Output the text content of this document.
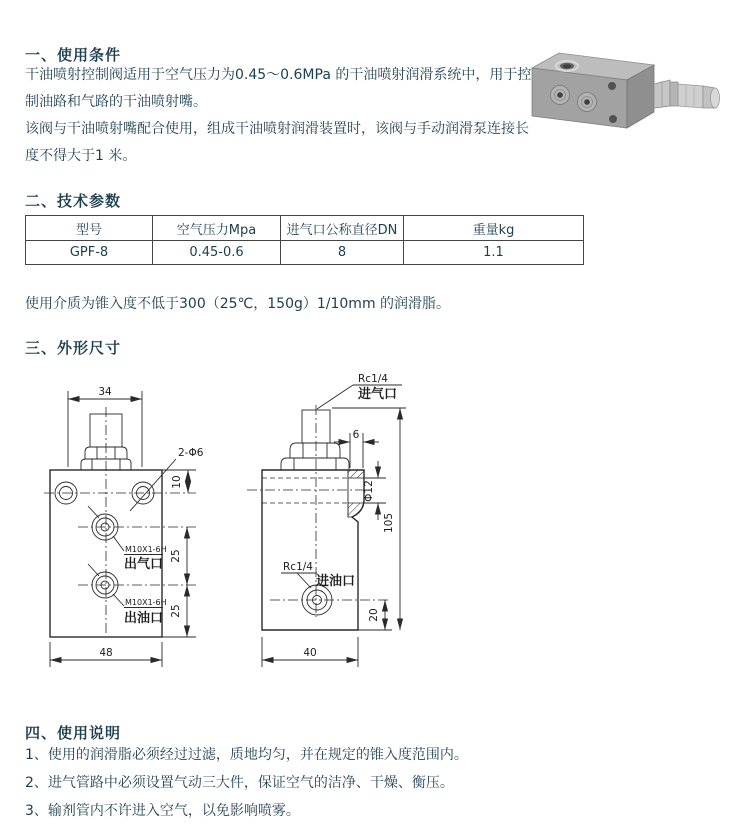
一、使用条件
干油喷射控制阀适用于空气压力为0.45～0.6MPa 的干油喷射润滑系统中，用于控制油路和气路的干油喷射嘴。
该阀与干油喷射嘴配合使用，组成干油喷射润滑装置时，该阀与手动润滑泵连接长度不得大于1 米。
二、技术参数
型号	空气压力Mpa	进气口公称直径DN	重量kg
GPF-8	0.45-0.6	8	1.1
使用介质为锥入度不低于300（25℃，150g）1/10mm 的润滑脂。
三、外形尺寸
34
10
2-Φ6
M10X1-6H
出气口
M10X1-6H
出油口
25
25
48
Rc1/4
进气口
105
6
Φ12
Rc1/4
进油口
20
40
四、使用说明
1、使用的润滑脂必须经过过滤，质地均匀，并在规定的锥入度范围内。
2、进气管路中必须设置气动三大件，保证空气的洁净、干燥、衡压。
3、输剂管内不许进入空气，以免影响喷雾。
